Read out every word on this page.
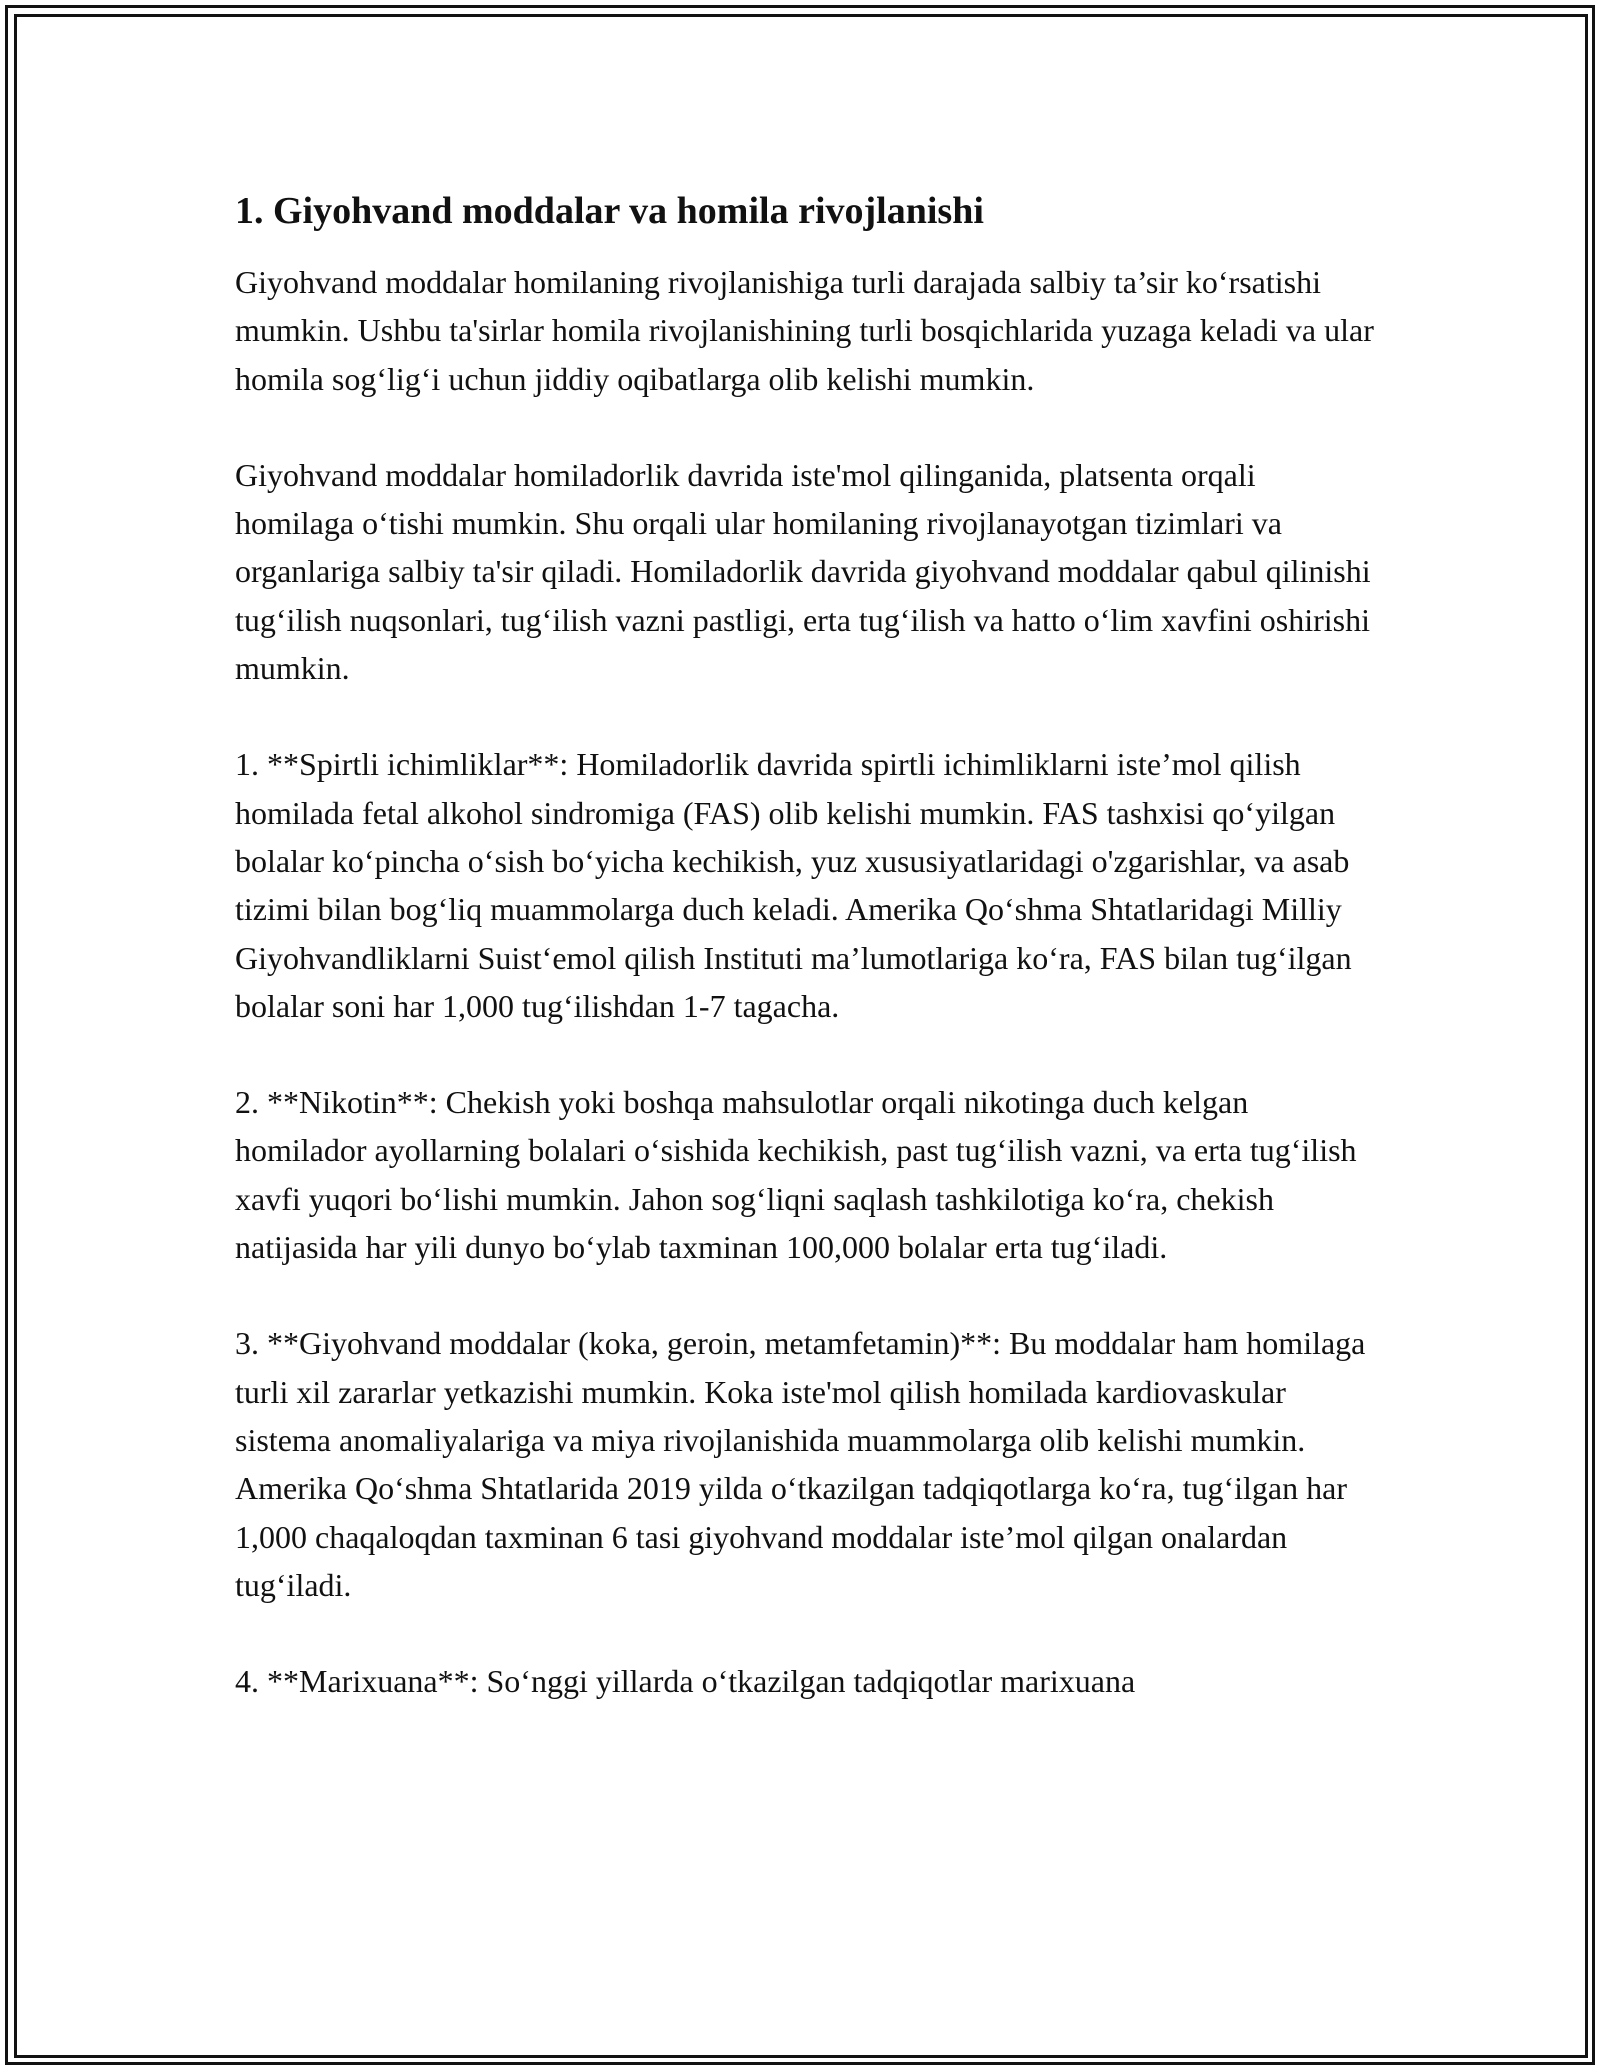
1. Giyohvand moddalar va homila rivojlanishi

Giyohvand moddalar homilaning rivojlanishiga turli darajada salbiy ta’sir ko‘rsatishi mumkin. Ushbu ta'sirlar homila rivojlanishining turli bosqichlarida yuzaga keladi va ular homila sog‘lig‘i uchun jiddiy oqibatlarga olib kelishi mumkin.

Giyohvand moddalar homiladorlik davrida iste'mol qilinganida, platsenta orqali homilaga o‘tishi mumkin. Shu orqali ular homilaning rivojlanayotgan tizimlari va organlariga salbiy ta'sir qiladi. Homiladorlik davrida giyohvand moddalar qabul qilinishi tug‘ilish nuqsonlari, tug‘ilish vazni pastligi, erta tug‘ilish va hatto o‘lim xavfini oshirishi mumkin.

1. **Spirtli ichimliklar**: Homiladorlik davrida spirtli ichimliklarni iste’mol qilish homilada fetal alkohol sindromiga (FAS) olib kelishi mumkin. FAS tashxisi qo‘yilgan bolalar ko‘pincha o‘sish bo‘yicha kechikish, yuz xususiyatlaridagi o'zgarishlar, va asab tizimi bilan bog‘liq muammolarga duch keladi. Amerika Qo‘shma Shtatlaridagi Milliy Giyohvandliklarni Suist‘emol qilish Instituti ma’lumotlariga ko‘ra, FAS bilan tug‘ilgan bolalar soni har 1,000 tug‘ilishdan 1-7 tagacha.

2. **Nikotin**: Chekish yoki boshqa mahsulotlar orqali nikotinga duch kelgan homilador ayollarning bolalari o‘sishida kechikish, past tug‘ilish vazni, va erta tug‘ilish xavfi yuqori bo‘lishi mumkin. Jahon sog‘liqni saqlash tashkilotiga ko‘ra, chekish natijasida har yili dunyo bo‘ylab taxminan 100,000 bolalar erta tug‘iladi.

3. **Giyohvand moddalar (koka, geroin, metamfetamin)**: Bu moddalar ham homilaga turli xil zararlar yetkazishi mumkin. Koka iste'mol qilish homilada kardiovaskular sistema anomaliyalariga va miya rivojlanishida muammolarga olib kelishi mumkin. Amerika Qo‘shma Shtatlarida 2019 yilda o‘tkazilgan tadqiqotlarga ko‘ra, tug‘ilgan har 1,000 chaqaloqdan taxminan 6 tasi giyohvand moddalar iste’mol qilgan onalardan tug‘iladi.

4. **Marixuana**: So‘nggi yillarda o‘tkazilgan tadqiqotlar marixuana
